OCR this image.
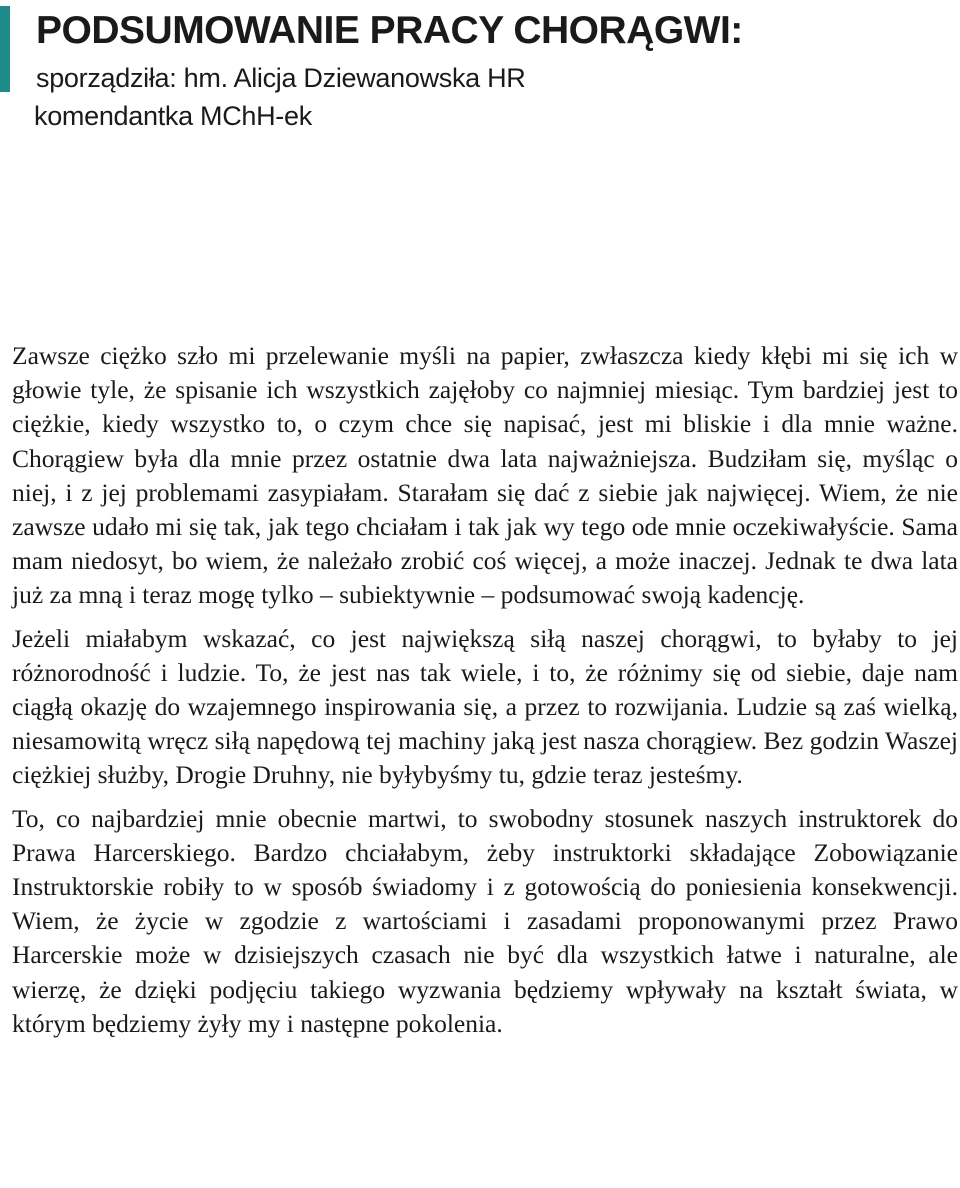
PODSUMOWANIE PRACY CHORĄGWI:
sporządziła: hm. Alicja Dziewanowska HR
komendantka MChH-ek

Zawsze ciężko szło mi przelewanie myśli na papier, zwłaszcza kiedy kłębi mi się ich w głowie tyle, że spisanie ich wszystkich zajęłoby co najmniej miesiąc. Tym bardziej jest to ciężkie, kiedy wszystko to, o czym chce się napisać, jest mi bliskie i dla mnie ważne. Chorągiew była dla mnie przez ostatnie dwa lata najważniejsza. Budziłam się, myśląc o niej, i z jej problemami zasypiałam. Starałam się dać z siebie jak najwięcej. Wiem, że nie zawsze udało mi się tak, jak tego chciałam i tak jak wy tego ode mnie oczekiwałyście. Sama mam niedosyt, bo wiem, że należało zrobić coś więcej, a może inaczej. Jednak te dwa lata już za mną i teraz mogę tylko – subiektywnie – podsumować swoją kadencję.

Jeżeli miałabym wskazać, co jest największą siłą naszej chorągwi, to byłaby to jej różnorodność i ludzie. To, że jest nas tak wiele, i to, że różnimy się od siebie, daje nam ciągłą okazję do wzajemnego inspirowania się, a przez to rozwijania. Ludzie są zaś wielką, niesamowitą wręcz siłą napędową tej machiny jaką jest nasza chorągiew. Bez godzin Waszej ciężkiej służby, Drogie Druhny, nie byłybyśmy tu, gdzie teraz jesteśmy.

To, co najbardziej mnie obecnie martwi, to swobodny stosunek naszych instruktorek do Prawa Harcerskiego. Bardzo chciałabym, żeby instruktorki składające Zobowiązanie Instruktorskie robiły to w sposób świadomy i z gotowością do poniesienia konsekwencji. Wiem, że życie w zgodzie z wartościami i zasadami proponowanymi przez Prawo Harcerskie może w dzisiejszych czasach nie być dla wszystkich łatwe i naturalne, ale wierzę, że dzięki podjęciu takiego wyzwania będziemy wpływały na kształt świata, w którym będziemy żyły my i następne pokolenia.
